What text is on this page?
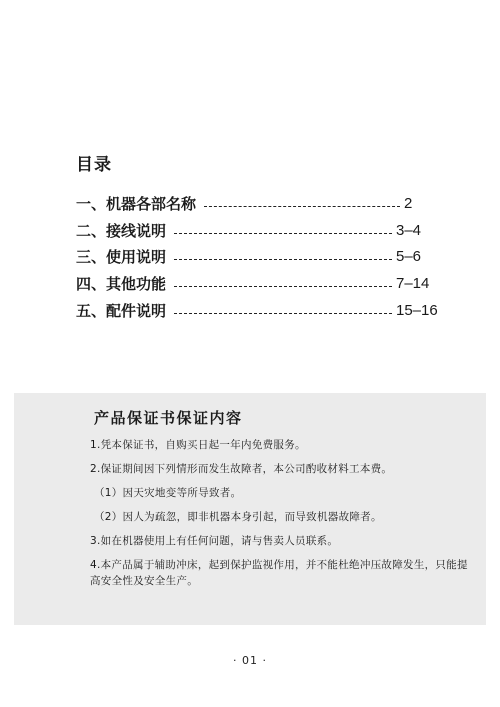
目录
一、机器各部名称	2
二、接线说明	3–4
三、使用说明	5–6
四、其他功能	7–14
五、配件说明	15–16
产品保证书保证内容
1.凭本保证书，自购买日起一年内免费服务。
2.保证期间因下列情形而发生故障者，本公司酌收材料工本费。
（1）因天灾地变等所导致者。
（2）因人为疏忽，即非机器本身引起，而导致机器故障者。
3.如在机器使用上有任何问题，请与售卖人员联系。
4.本产品属于辅助冲床，起到保护监视作用，并不能杜绝冲压故障发生，只能提高安全性及安全生产。
· 01 ·
